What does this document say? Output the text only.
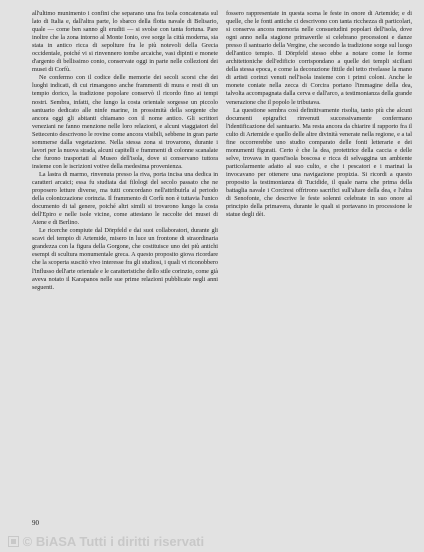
all'ultimo munimento i confini che separano una fra isola concatenata sul lato di Italia e, dall'altra parte, lo sbarco della flotta navale di Belisario, quale — come ben sanno gli eruditi — si svolse con tanta fortuna. Pare inoltre che la zona intorno al Monte Ionio, ove sorge la città moderna, sia stata in antico ricca di sepolture fra le più notevoli della Grecia occidentale, poiché vi si rinvennero tombe arcaiche, vasi dipinti e monete d'argento di bellissimo conio, conservate oggi in parte nelle collezioni dei musei di Corfù.

Ne confermo con il codice delle memorie dei secoli scorsi che dei luoghi indicati, di cui rimangono anche frammenti di mura e resti di un tempio dorico, la tradizione popolare conservò il ricordo fino ai tempi nostri. Sembra, infatti, che lungo la costa orientale sorgesse un piccolo santuario dedicato alle ninfe marine, in prossimità della sorgente che ancora oggi gli abitanti chiamano con il nome antico. Gli scrittori veneziani ne fanno menzione nelle loro relazioni, e alcuni viaggiatori del Settecento descrivono le rovine come ancora visibili, sebbene in gran parte sommerse dalla vegetazione. Nella stessa zona si trovarono, durante i lavori per la nuova strada, alcuni capitelli e frammenti di colonne scanalate che furono trasportati al Museo dell'isola, dove si conservano tuttora insieme con le iscrizioni votive della medesima provenienza.

La lastra di marmo, rinvenuta presso la riva, porta incisa una dedica in caratteri arcaici; essa fu studiata dai filologi del secolo passato che ne proposero letture diverse, ma tutti concordano nell'attribuirla al periodo della colonizzazione corinzia. Il frammento di Corfù non è tuttavia l'unico documento di tal genere, poiché altri simili si trovarono lungo la costa dell'Epiro e nelle isole vicine, come attestano le raccolte dei musei di Atene e di Berlino.

Le ricerche compiute dal Dörpfeld e dai suoi collaboratori, durante gli scavi del tempio di Artemide, misero in luce un frontone di straordinaria grandezza con la figura della Gorgone, che costituisce uno dei più antichi esempi di scultura monumentale greca. A questo proposito giova ricordare che la scoperta suscitò vivo interesse fra gli studiosi, i quali vi riconobbero l'influsso dell'arte orientale e le caratteristiche dello stile corinzio, come già aveva notato il Karapanos nelle sue prime relazioni pubblicate negli anni seguenti.

fossero rappresentate in questa scena le feste in onore di Artemide; e di quelle, che le fonti antiche ci descrivono con tanta ricchezza di particolari, si conserva ancora memoria nelle consuetudini popolari dell'isola, dove ogni anno nella stagione primaverile si celebrano processioni e danze presso il santuario della Vergine, che secondo la tradizione sorge sul luogo dell'antico tempio. Il Dörpfeld stesso ebbe a notare come le forme architettoniche dell'edificio corrispondano a quelle dei templi siciliani della stessa epoca, e come la decorazione fittile del tetto rivelasse la mano di artisti corinzi venuti nell'isola insieme con i primi coloni. Anche le monete coniate nella zecca di Corcira portano l'immagine della dea, talvolta accompagnata dalla cerva e dall'arco, a testimonianza della grande venerazione che il popolo le tributava.

La questione sembra così definitivamente risolta, tanto più che alcuni documenti epigrafici rinvenuti successivamente confermano l'identificazione del santuario. Ma resta ancora da chiarire il rapporto fra il culto di Artemide e quello delle altre divinità venerate nella regione, e a tal fine occorrerebbe uno studio comparato delle fonti letterarie e dei monumenti figurati. Certo è che la dea, protettrice della caccia e delle selve, trovava in quest'isola boscosa e ricca di selvaggina un ambiente particolarmente adatto al suo culto, e che i pescatori e i marinai la invocavano per ottenere una navigazione propizia. Si ricordi a questo proposito la testimonianza di Tucidide, il quale narra che prima della battaglia navale i Corciresi offrirono sacrifici sull'altare della dea, e l'altra di Senofonte, che descrive le feste solenni celebrate in suo onore al principio della primavera, durante le quali si portavano in processione le statue degli dèi.

90
© BiASA Tutti i diritti riservati
